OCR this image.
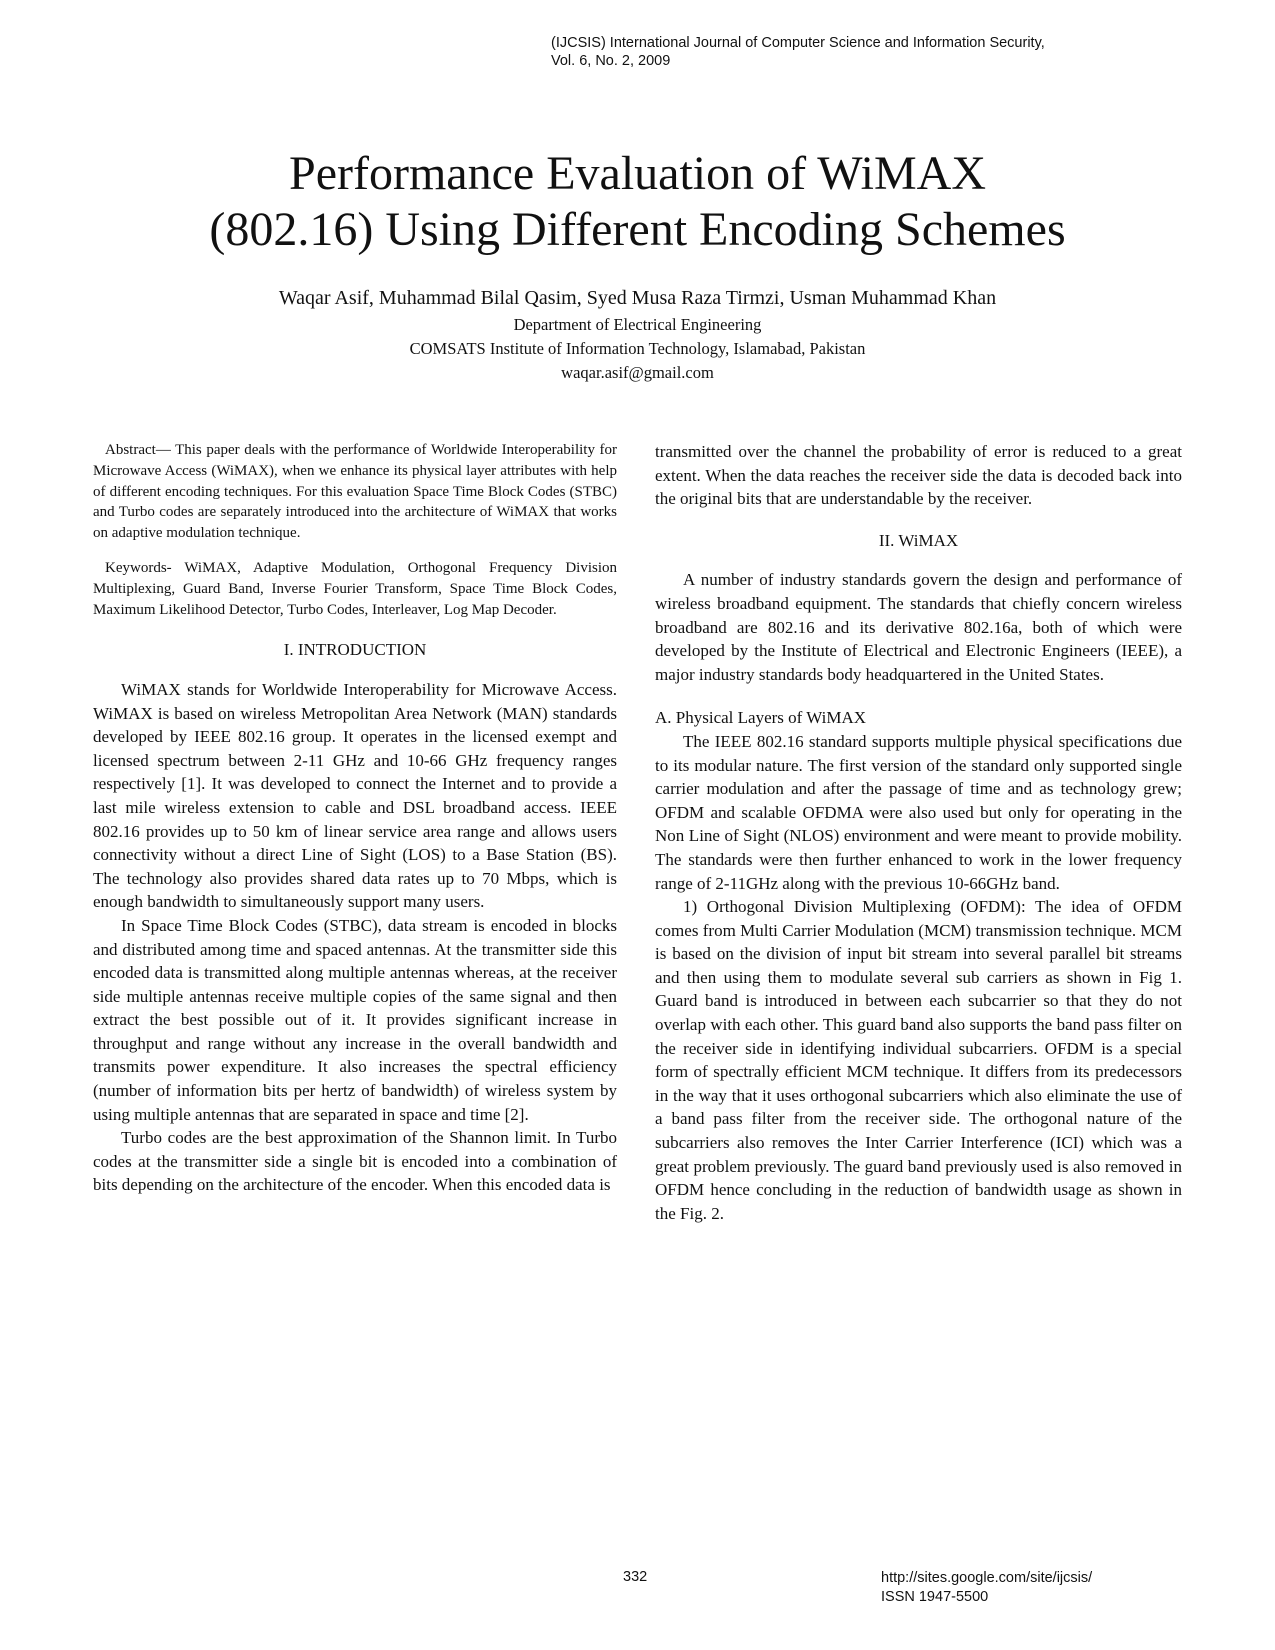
(IJCSIS) International Journal of Computer Science and Information Security,
Vol. 6, No. 2, 2009
Performance Evaluation of WiMAX
(802.16) Using Different Encoding Schemes
Waqar Asif, Muhammad Bilal Qasim, Syed Musa Raza Tirmzi, Usman Muhammad Khan
Department of Electrical Engineering
COMSATS Institute of Information Technology, Islamabad, Pakistan
waqar.asif@gmail.com

Abstract— This paper deals with the performance of Worldwide Interoperability for Microwave Access (WiMAX), when we enhance its physical layer attributes with help of different encoding techniques. For this evaluation Space Time Block Codes (STBC) and Turbo codes are separately introduced into the architecture of WiMAX that works on adaptive modulation technique.

Keywords- WiMAX, Adaptive Modulation, Orthogonal Frequency Division Multiplexing, Guard Band, Inverse Fourier Transform, Space Time Block Codes, Maximum Likelihood Detector, Turbo Codes, Interleaver, Log Map Decoder.

I. INTRODUCTION

WiMAX stands for Worldwide Interoperability for Microwave Access. WiMAX is based on wireless Metropolitan Area Network (MAN) standards developed by IEEE 802.16 group. It operates in the licensed exempt and licensed spectrum between 2-11 GHz and 10-66 GHz frequency ranges respectively [1]. It was developed to connect the Internet and to provide a last mile wireless extension to cable and DSL broadband access. IEEE 802.16 provides up to 50 km of linear service area range and allows users connectivity without a direct Line of Sight (LOS) to a Base Station (BS). The technology also provides shared data rates up to 70 Mbps, which is enough bandwidth to simultaneously support many users.

In Space Time Block Codes (STBC), data stream is encoded in blocks and distributed among time and spaced antennas. At the transmitter side this encoded data is transmitted along multiple antennas whereas, at the receiver side multiple antennas receive multiple copies of the same signal and then extract the best possible out of it. It provides significant increase in throughput and range without any increase in the overall bandwidth and transmits power expenditure. It also increases the spectral efficiency (number of information bits per hertz of bandwidth) of wireless system by using multiple antennas that are separated in space and time [2].

Turbo codes are the best approximation of the Shannon limit. In Turbo codes at the transmitter side a single bit is encoded into a combination of bits depending on the architecture of the encoder. When this encoded data is

transmitted over the channel the probability of error is reduced to a great extent. When the data reaches the receiver side the data is decoded back into the original bits that are understandable by the receiver.

II. WiMAX

A number of industry standards govern the design and performance of wireless broadband equipment. The standards that chiefly concern wireless broadband are 802.16 and its derivative 802.16a, both of which were developed by the Institute of Electrical and Electronic Engineers (IEEE), a major industry standards body headquartered in the United States.

A. Physical Layers of WiMAX

The IEEE 802.16 standard supports multiple physical specifications due to its modular nature. The first version of the standard only supported single carrier modulation and after the passage of time and as technology grew; OFDM and scalable OFDMA were also used but only for operating in the Non Line of Sight (NLOS) environment and were meant to provide mobility. The standards were then further enhanced to work in the lower frequency range of 2-11GHz along with the previous 10-66GHz band.

1) Orthogonal Division Multiplexing (OFDM): The idea of OFDM comes from Multi Carrier Modulation (MCM) transmission technique. MCM is based on the division of input bit stream into several parallel bit streams and then using them to modulate several sub carriers as shown in Fig 1. Guard band is introduced in between each subcarrier so that they do not overlap with each other. This guard band also supports the band pass filter on the receiver side in identifying individual subcarriers. OFDM is a special form of spectrally efficient MCM technique. It differs from its predecessors in the way that it uses orthogonal subcarriers which also eliminate the use of a band pass filter from the receiver side. The orthogonal nature of the subcarriers also removes the Inter Carrier Interference (ICI) which was a great problem previously. The guard band previously used is also removed in OFDM hence concluding in the reduction of bandwidth usage as shown in the Fig. 2.

332	http://sites.google.com/site/ijcsis/
ISSN 1947-5500
